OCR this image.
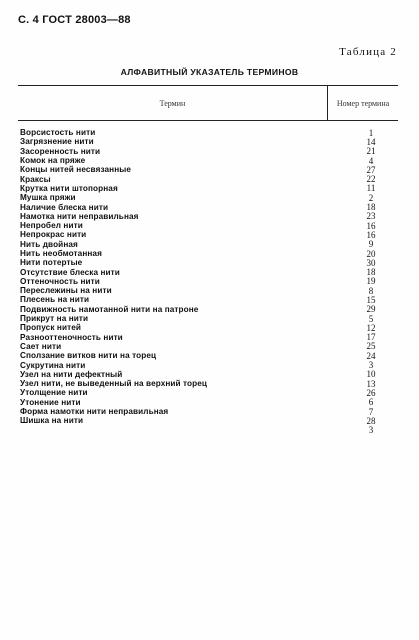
С. 4 ГОСТ 28003—88
Таблица 2
АЛФАВИТНЫЙ УКАЗАТЕЛЬ ТЕРМИНОВ
Термин	Номер термина
Ворсистость нити	1
Загрязнение нити	14
Засоренность нити	21
Комок на пряже	4
Концы нитей несвязанные	27
Краксы	22
Крутка нити штопорная	11
Мушка пряжи	2
Наличие блеска нити	18
Намотка нити неправильная	23
Непробел нити	16
Непрокрас нити	16
Нить двойная	9
Нить необмотанная	20
Нити потертые	30
Отсутствие блеска нити	18
Оттеночность нити	19
Переслежины на нити	8
Плесень на нити	15
Подвижность намотанной нити на патроне	29
Прикрут на нити	5
Пропуск нитей	12
Разнооттеночность нити	17
Сает нити	25
Сползание витков нити на торец	24
Сукрутина нити	3
Узел на нити дефектный	10
Узел нити, не выведенный на верхний торец	13
Утолщение нити	26
Утонение нити	6
Форма намотки нити неправильная	7
Шишка на нити	28
3
